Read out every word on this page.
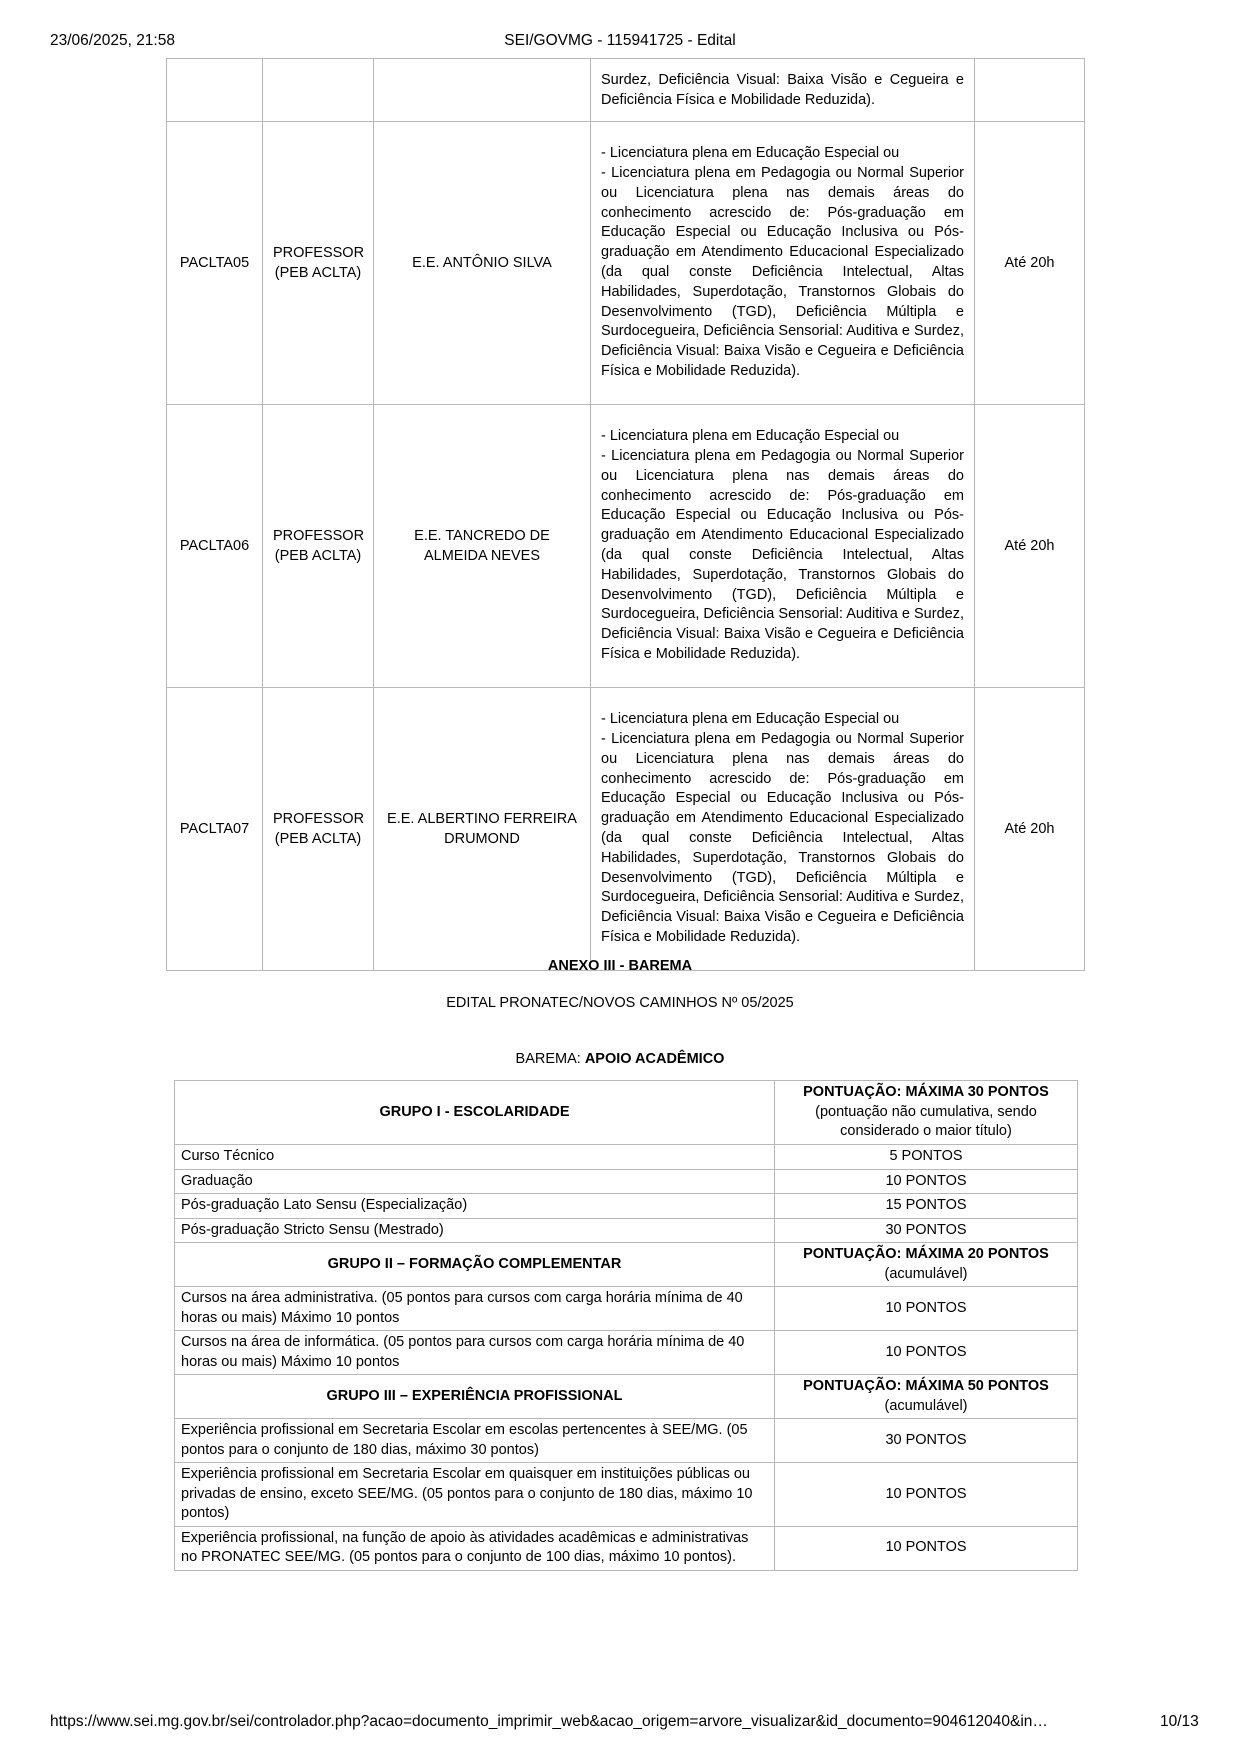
23/06/2025, 21:58	SEI/GOVMG - 115941725 - Edital
			Surdez, Deficiência Visual: Baixa Visão e Cegueira e Deficiência Física e Mobilidade Reduzida).	
PACLTA05	PROFESSOR (PEB ACLTA)	E.E. ANTÔNIO SILVA	- Licenciatura plena em Educação Especial ou
- Licenciatura plena em Pedagogia ou Normal Superior ou Licenciatura plena nas demais áreas do conhecimento acrescido de: Pós-graduação em Educação Especial ou Educação Inclusiva ou Pós-graduação em Atendimento Educacional Especializado (da qual conste Deficiência Intelectual, Altas Habilidades, Superdotação, Transtornos Globais do Desenvolvimento (TGD), Deficiência Múltipla e Surdocegueira, Deficiência Sensorial: Auditiva e Surdez, Deficiência Visual: Baixa Visão e Cegueira e Deficiência Física e Mobilidade Reduzida).	Até 20h
PACLTA06	PROFESSOR (PEB ACLTA)	E.E. TANCREDO DE ALMEIDA NEVES	- Licenciatura plena em Educação Especial ou
- Licenciatura plena em Pedagogia ou Normal Superior ou Licenciatura plena nas demais áreas do conhecimento acrescido de: Pós-graduação em Educação Especial ou Educação Inclusiva ou Pós-graduação em Atendimento Educacional Especializado (da qual conste Deficiência Intelectual, Altas Habilidades, Superdotação, Transtornos Globais do Desenvolvimento (TGD), Deficiência Múltipla e Surdocegueira, Deficiência Sensorial: Auditiva e Surdez, Deficiência Visual: Baixa Visão e Cegueira e Deficiência Física e Mobilidade Reduzida).	Até 20h
PACLTA07	PROFESSOR (PEB ACLTA)	E.E. ALBERTINO FERREIRA DRUMOND	- Licenciatura plena em Educação Especial ou
- Licenciatura plena em Pedagogia ou Normal Superior ou Licenciatura plena nas demais áreas do conhecimento acrescido de: Pós-graduação em Educação Especial ou Educação Inclusiva ou Pós-graduação em Atendimento Educacional Especializado (da qual conste Deficiência Intelectual, Altas Habilidades, Superdotação, Transtornos Globais do Desenvolvimento (TGD), Deficiência Múltipla e Surdocegueira, Deficiência Sensorial: Auditiva e Surdez, Deficiência Visual: Baixa Visão e Cegueira e Deficiência Física e Mobilidade Reduzida).	Até 20h
ANEXO III - BAREMA
EDITAL PRONATEC/NOVOS CAMINHOS Nº 05/2025
BAREMA: APOIO ACADÊMICO
GRUPO I - ESCOLARIDADE	PONTUAÇÃO: MÁXIMA 30 PONTOS
(pontuação não cumulativa, sendo considerado o maior título)

Curso Técnico	5 PONTOS
Graduação	10 PONTOS
Pós-graduação Lato Sensu (Especialização)	15 PONTOS
Pós-graduação Stricto Sensu (Mestrado)	30 PONTOS
GRUPO II – FORMAÇÃO COMPLEMENTAR	PONTUAÇÃO: MÁXIMA 20 PONTOS
(acumulável)

Cursos na área administrativa. (05 pontos para cursos com carga horária mínima de 40 horas ou mais) Máximo 10 pontos	10 PONTOS
Cursos na área de informática. (05 pontos para cursos com carga horária mínima de 40 horas ou mais) Máximo 10 pontos	10 PONTOS
GRUPO III – EXPERIÊNCIA PROFISSIONAL	PONTUAÇÃO: MÁXIMA 50 PONTOS
(acumulável)

Experiência profissional em Secretaria Escolar em escolas pertencentes à SEE/MG. (05 pontos para o conjunto de 180 dias, máximo 30 pontos)	30 PONTOS
Experiência profissional em Secretaria Escolar em quaisquer em instituições públicas ou privadas de ensino, exceto SEE/MG. (05 pontos para o conjunto de 180 dias, máximo 10 pontos)	10 PONTOS
Experiência profissional, na função de apoio às atividades acadêmicas e administrativas no PRONATEC SEE/MG. (05 pontos para o conjunto de 100 dias, máximo 10 pontos).	10 PONTOS
https://www.sei.mg.gov.br/sei/controlador.php?acao=documento_imprimir_web&acao_origem=arvore_visualizar&id_documento=904612040&in…	10/13
